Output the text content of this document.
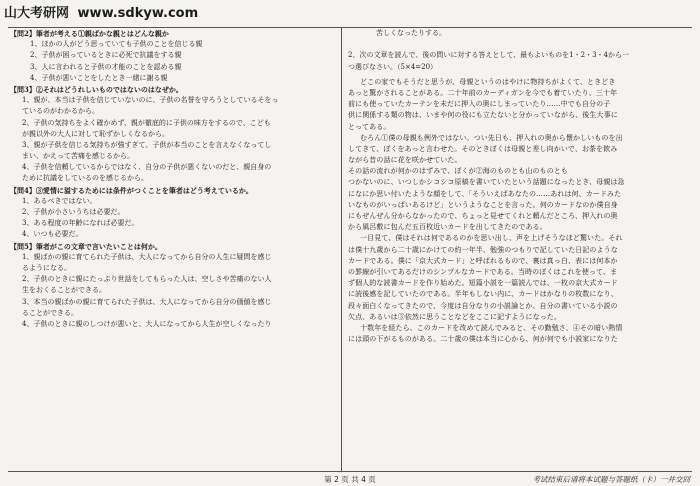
山大考研网 www.sdkyw.com
【問2】筆者が考える①親ばかな親とはどんな親か
1、ほかの人がどう思っていても子供のことを信じる親
2、子供が困っているときに必死で抗議をする親
3、人に言われると子供の才能のことを認める親
4、子供が悪いことをしたとき一緒に謝る親
【問3】②それはどうれしいものではないのはなぜか。
1、親が、本当は子供を信じていないのに、子供の名誉を守ろうとしているそをっ
ているのがわかるから。
2、子供の気持ちをよく確かめず、親が徹底的に子供の味方をするので、こども
が親以外の大人に対して恥ずかしくなるから。
3、親が子供を信じる気持ちが強すぎて、子供が本当のことを言えなくなってし
まい、かえって苦痛を感じるから。
4、子供を信頼しているからではなく、自分の子供が悪くないのだと、親自身の
ために抗議をしているのを感じるから。
【問4】③愛情に溢するためには条件がつくことを筆者はどう考えているか。
1、あるべきではない。
2、子供が小さいうちは必要だ。
3、ある程度の年齢になれば必要だ。
4、いつも必要だ。
【問5】筆者がこの文章で言いたいことは何か。
1、親ばかの親に育てられた子供は、大人になってから自分の人生に疑問を感じ
るようになる。
2、子供のときに親にたっぷり世話をしてもらった人は、空しさや苦痛のない人
生をおくることができる。
3、本当の親ばかの親に育てられた子供は、大人になってから自分の価値を感じ
ることができる。
4、子供のときに親のしつけが悪いと、大人になってから人生が空しくなったり
苦しくなったりする。
2、次の文章を読んで、後の問いに対する答えとして、最もよいものを1・2・3・4から一
つ選びなさい。（5×4=20）
どこの家でもそうだと思うが、母親というのはやけに物持ちがよくて、ときどき
あっと驚かされることがある。二十年前のカーディガンを今でも着ていたり、三十年
前にも使っていたカーテンを未だに押入の奥にしまっていたり……中でも自分の子
供に関係する類の物は、いまや何の役にも立たないと分かっていながら、後生大事に
とってある。
むろん①僕の母親も例外ではない。つい先日も、押入れの奥から懐かしいものを出
してきて、ぼくをあっと言わせた。そのときぼくは母親と差し向かいで、お茶を飲み
ながら昔の話に花を咲かせていた。
その話の流れが何かのはずみで、ぼくが②海のものとも山のものとも
つかないのに、いつしかシコシコ原稿を書いていたという話題になったとき、母親は急
になにか思い付いたような顔をして、「そういえばあなたの……あれは何、カードみた
いなものがいっぱいあるけど」というようなことを言った。何のカードなのか僕自身
にもぜんぜん分からなかったので、ちょっと見せてくれと頼んだところ、押入れの奥
から風呂敷に包んだ五百枚近いカードを出してきたのである。
一目見て、僕はそれは何であるのかを思い出し、声を上げそうなほど驚いた。それ
は僕十九歳から二十歳にかけての約一年半、勉強のつもりで記していた日記のような
カードである。僕に「京大式カード」と呼ばれるもので、裏は真っ白、表には何本か
の罫線が引いてあるだけのシンプルなカードである。当時のぼくはこれを使って、ま
ず個人的な読書カードを作り始めた。短篇小説を一篇読んでは、一枚の京大式カード
に読後感を記していたのである。半年もしない内に、カードはかなりの枚数になり、
段々面白くなってきたので、今度は自分なりの小説論とか、自分の書いている小説の
欠点、あるいは③依然に思うことなどをここに記すようになった。
十数年を経たら、このカードを改めて読んでみると、その勤勉さ、④その暗い熱情
には頭の下がるものがある。二十歳の僕は本当に心から、何が何でも小説家になりた
第 2 页 共 4 页	考试结束后请将本试题与答题纸（卡）一并交回
